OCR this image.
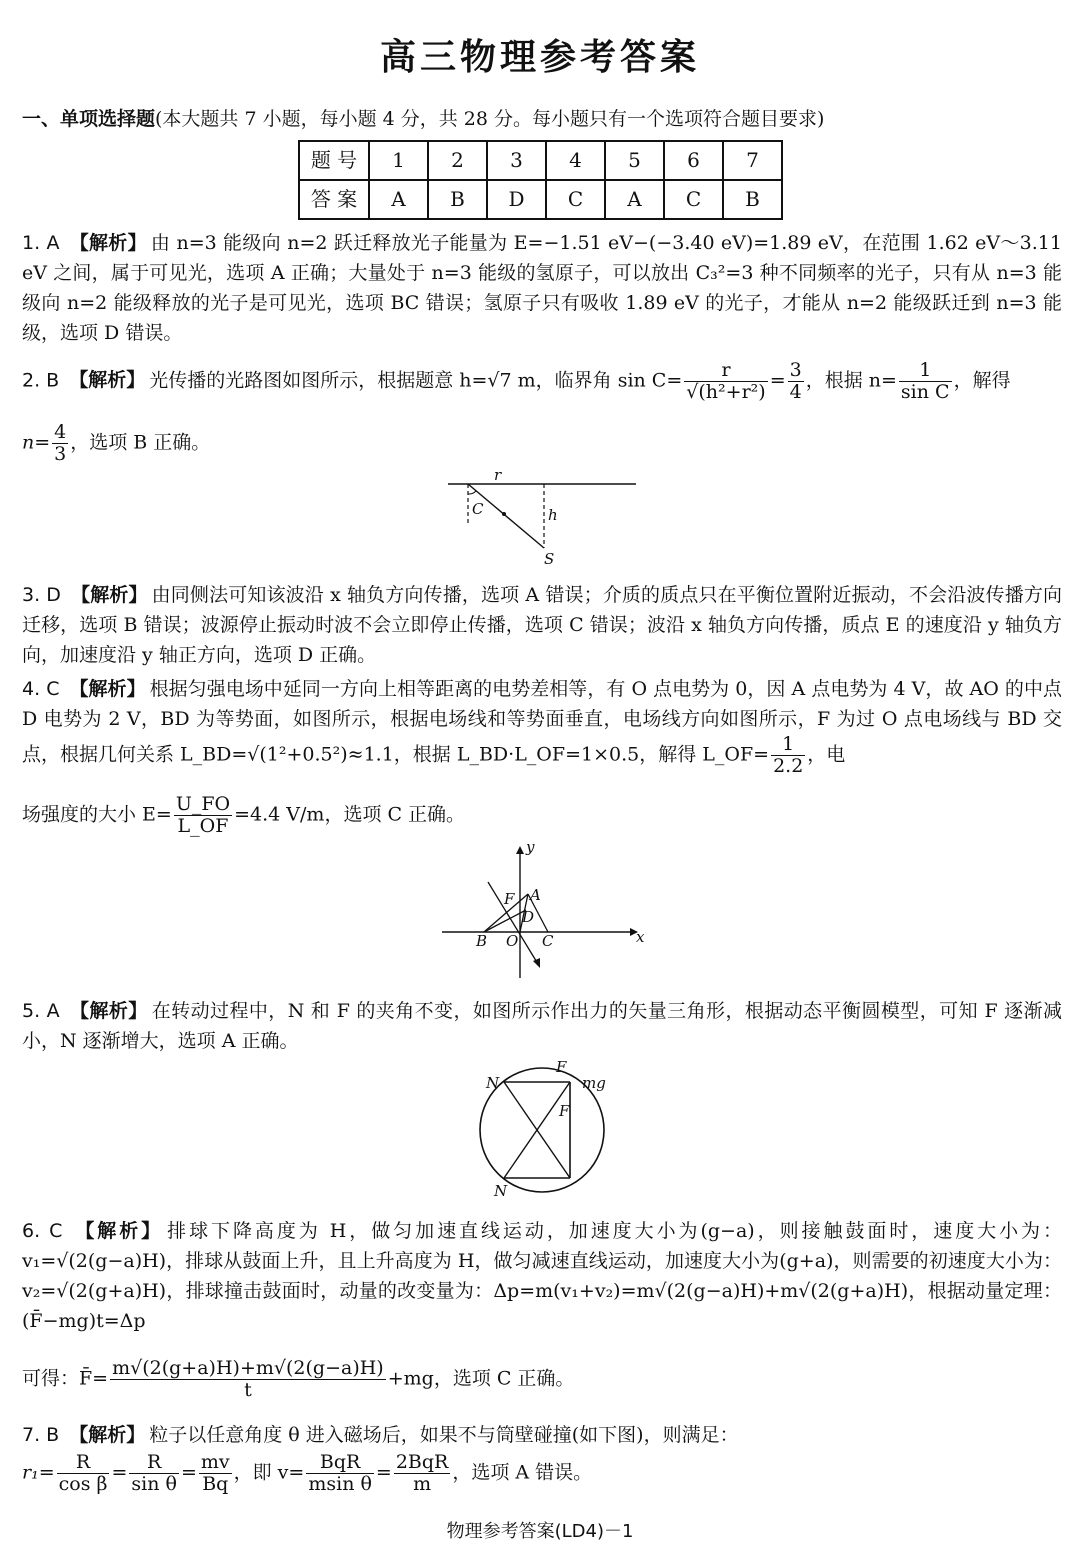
高三物理参考答案
一、单项选择题(本大题共 7 小题，每小题 4 分，共 28 分。每小题只有一个选项符合题目要求)
题 号	1	2	3	4	5	6	7
答 案	A	B	D	C	A	C	B
1. A 【解析】 由 n=3 能级向 n=2 跃迁释放光子能量为 E=−1.51 eV−(−3.40 eV)=1.89 eV，在范围 1.62 eV～3.11 eV 之间，属于可见光，选项 A 正确；大量处于 n=3 能级的氢原子，可以放出 C₃²=3 种不同频率的光子，只有从 n=3 能级向 n=2 能级释放的光子是可见光，选项 BC 错误；氢原子只有吸收 1.89 eV 的光子，才能从 n=2 能级跃迁到 n=3 能级，选项 D 错误。
2. B 【解析】 光传播的光路图如图所示，根据题意 h=√7 m，临界角 $\sin C= \frac{r}{\text{√(h²+r²)}} = \frac{3}{4}$ ，根据 $n= \frac{1}{\text{sin C}}$ ，解得
$n= \frac{4}{3}$ ，选项 B 正确。
r
C	h
S
3. D 【解析】 由同侧法可知该波沿 x 轴负方向传播，选项 A 错误；介质的质点只在平衡位置附近振动，不会沿波传播方向迁移，选项 B 错误；波源停止振动时波不会立即停止传播，选项 C 错误；波沿 x 轴负方向传播，质点 E 的速度沿 y 轴负方向，加速度沿 y 轴正方向，选项 D 正确。
4. C 【解析】 根据匀强电场中延同一方向上相等距离的电势差相等，有 O 点电势为 0，因 A 点电势为 4 V，故 AO 的中点 D 电势为 2 V，BD 为等势面，如图所示，根据电场线和等势面垂直，电场线方向如图所示，F 为过 O 点电场线与 BD 交点，根据几何关系 L_BD=√(1²+0.5²)≈1.1，根据 L_BD·L_OF=1×0.5，解得 L_OF= $\frac{1}{2.2}$ ，电
场强度的大小 $E= \frac{U\_FO}{L\_OF} =4.4$ V/m，选项 C 正确。
y
x
F A
D
B O C
5. A 【解析】 在转动过程中，N 和 F 的夹角不变，如图所示作出力的矢量三角形，根据动态平衡圆模型，可知 F 逐渐减小，N 逐渐增大，选项 A 正确。
N
F
mg
F
N
6. C 【解析】 排球下降高度为 H，做匀加速直线运动，加速度大小为(g−a)，则接触鼓面时，速度大小为：v₁=√(2(g−a)H)，排球从鼓面上升，且上升高度为 H，做匀减速直线运动，加速度大小为(g+a)，则需要的初速度大小为：v₂=√(2(g+a)H)，排球撞击鼓面时，动量的改变量为：Δp=m(v₁+v₂)=m√(2(g−a)H)+m√(2(g+a)H)，根据动量定理：(F̄−mg)t=Δp
可得：F̄= $\frac{m√(2(g+a)H)+m√(2(g-a)H)}{t} +mg$，选项 C 正确。
7. B 【解析】 粒子以任意角度 θ 进入磁场后，如果不与筒壁碰撞(如下图)，则满足：
$r_1= \frac{R}{\text{cos β}} = \frac{R}{\text{sin θ}} = \frac{mv}{Bq}$ ，即 $v= \frac{\text{BqR}}{\text{msin θ}} = \frac{\text{2BqR}}{m}$ ，选项 A 错误。
物理参考答案(LD4)－1
